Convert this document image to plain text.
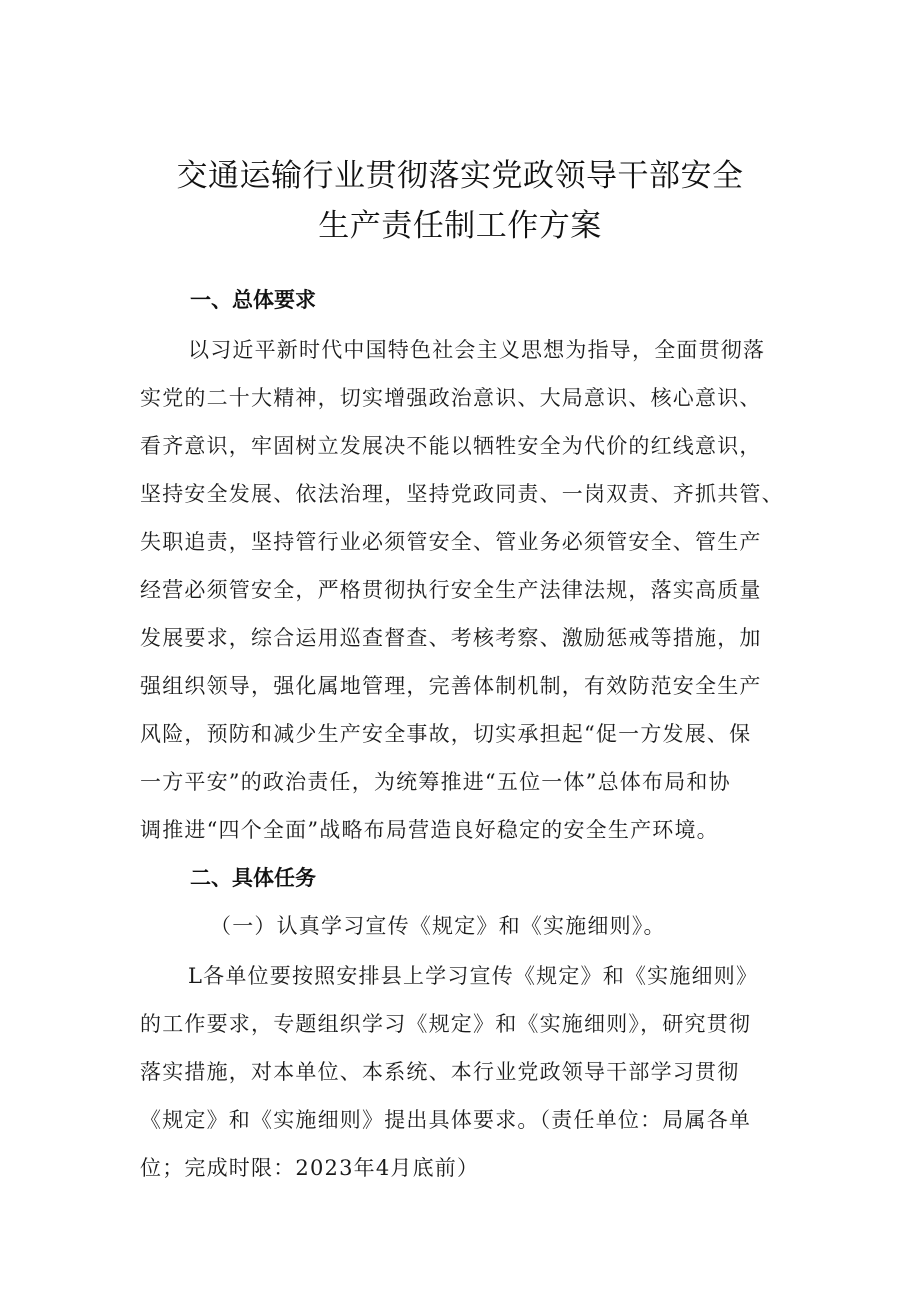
交通运输行业贯彻落实党政领导干部安全
生产责任制工作方案
一、总体要求
以习近平新时代中国特色社会主义思想为指导，全面贯彻落
实党的二十大精神，切实增强政治意识、大局意识、核心意识、
看齐意识，牢固树立发展决不能以牺牲安全为代价的红线意识，
坚持安全发展、依法治理，坚持党政同责、一岗双责、齐抓共管、
失职追责，坚持管行业必须管安全、管业务必须管安全、管生产
经营必须管安全，严格贯彻执行安全生产法律法规，落实高质量
发展要求，综合运用巡查督查、考核考察、激励惩戒等措施，加
强组织领导，强化属地管理，完善体制机制，有效防范安全生产
风险，预防和减少生产安全事故，切实承担起“促一方发展、保
一方平安”的政治责任，为统筹推进“五位一体”总体布局和协
调推进“四个全面”战略布局营造良好稳定的安全生产环境。
二、具体任务
（一）认真学习宣传《规定》和《实施细则》。
L各单位要按照安排县上学习宣传《规定》和《实施细则》
的工作要求，专题组织学习《规定》和《实施细则》，研究贯彻
落实措施，对本单位、本系统、本行业党政领导干部学习贯彻
《规定》和《实施细则》提出具体要求。（责任单位：局属各单
位；完成时限：2023年4月底前）
